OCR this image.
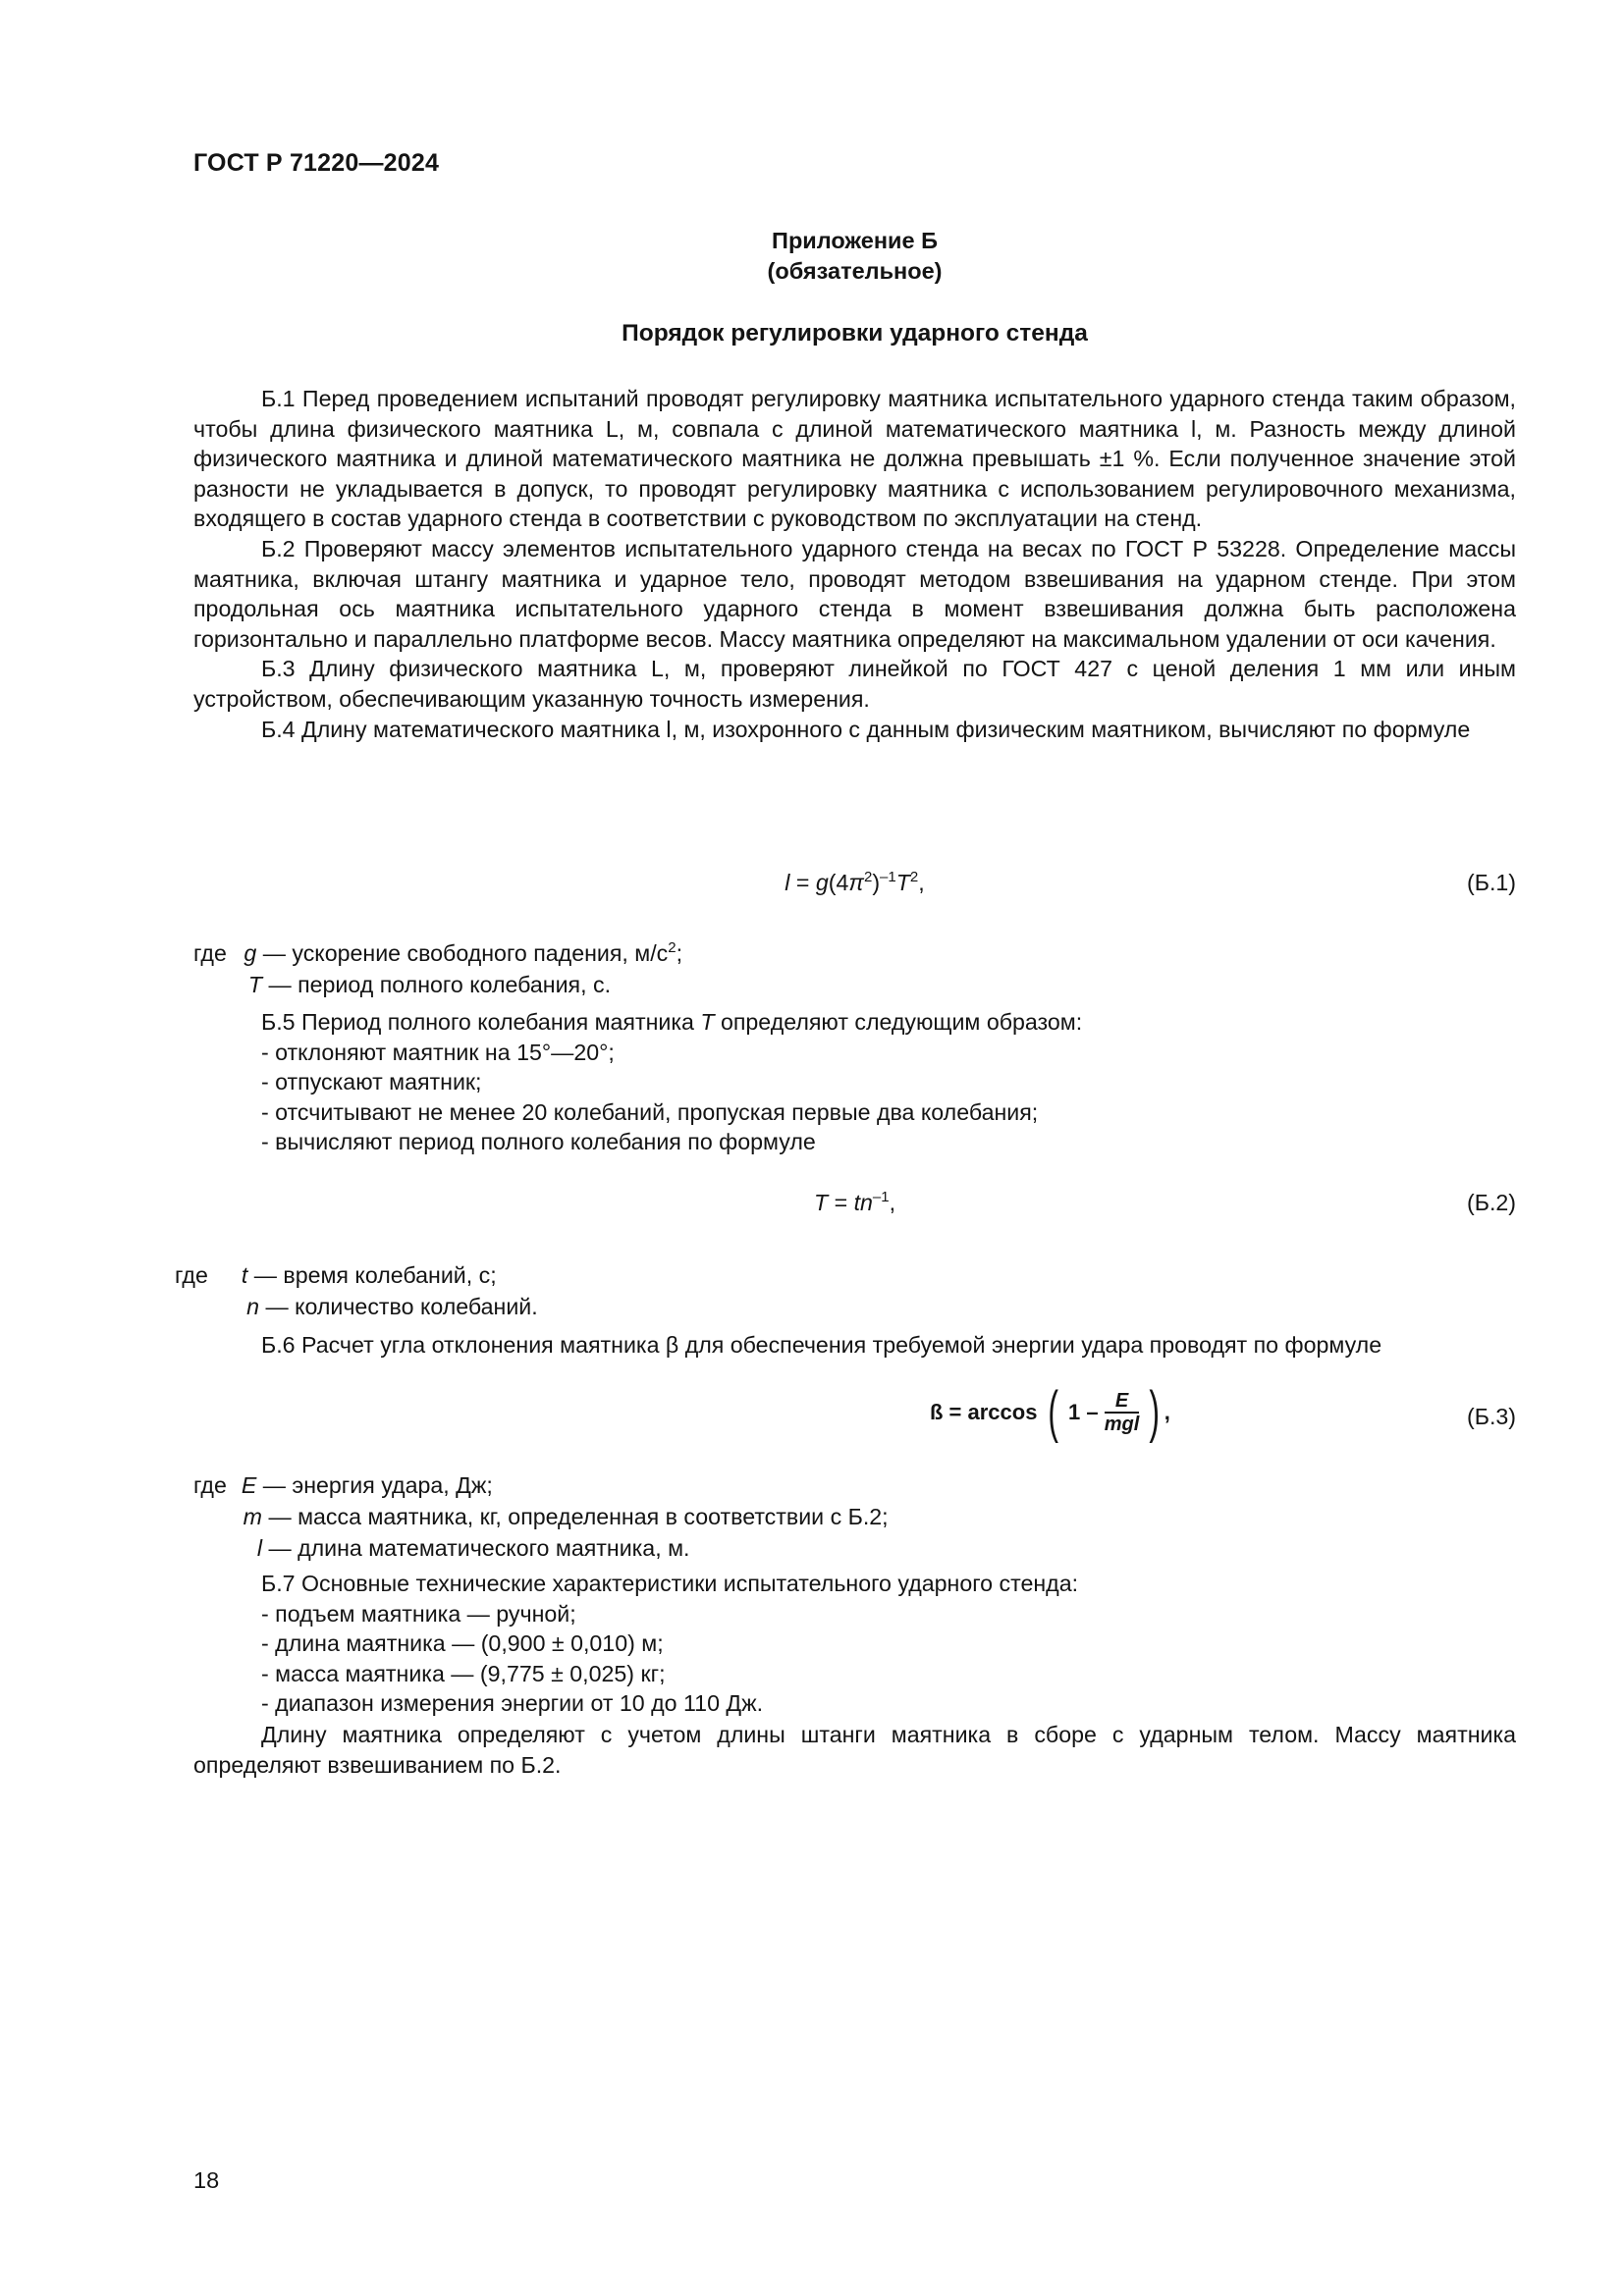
ГОСТ Р 71220—2024
Приложение Б
(обязательное)
Порядок регулировки ударного стенда

Б.1 Перед проведением испытаний проводят регулировку маятника испытательного ударного стенда таким образом, чтобы длина физического маятника L, м, совпала с длиной математического маятника l, м. Разность между длиной физического маятника и длиной математического маятника не должна превышать ±1 %. Если полученное значение этой разности не укладывается в допуск, то проводят регулировку маятника с использованием регулировочного механизма, входящего в состав ударного стенда в соответствии с руководством по эксплуатации на стенд.

Б.2 Проверяют массу элементов испытательного ударного стенда на весах по ГОСТ Р 53228. Определение массы маятника, включая штангу маятника и ударное тело, проводят методом взвешивания на ударном стенде. При этом продольная ось маятника испытательного ударного стенда в момент взвешивания должна быть расположена горизонтально и параллельно платформе весов. Массу маятника определяют на максимальном удалении от оси качения.

Б.3 Длину физического маятника L, м, проверяют линейкой по ГОСТ 427 с ценой деления 1 мм или иным устройством, обеспечивающим указанную точность измерения.

Б.4 Длину математического маятника l, м, изохронного с данным физическим маятником, вычисляют по формуле

$l = g(4\pi^2)^{-1}T^2$,	(Б.1)
где g — ускорение свободного падения, $м/с^2$;
T — период полного колебания, с.
Б.5 Период полного колебания маятника T определяют следующим образом:
- отклоняют маятник на 15°—20°;
- отпускают маятник;
- отсчитывают не менее 20 колебаний, пропуская первые два колебания;
- вычисляют период полного колебания по формуле
$T = tn^{-1}$,	(Б.2)
где t — время колебаний, с;
n — количество колебаний.
Б.6 Расчет угла отклонения маятника β для обеспечения требуемой энергии удара проводят по формуле
ß = arccos ( $1 - \frac{E}{\text{mgl}}$ ) ,	(Б.3)
где E — энергия удара, Дж;
m — масса маятника, кг, определенная в соответствии с Б.2;
l — длина математического маятника, м.
Б.7 Основные технические характеристики испытательного ударного стенда:
- подъем маятника — ручной;
- длина маятника — (0,900 ± 0,010) м;
- масса маятника — (9,775 ± 0,025) кг;
- диапазон измерения энергии от 10 до 110 Дж.

Длину маятника определяют с учетом длины штанги маятника в сборе с ударным телом. Массу маятника определяют взвешиванием по Б.2.

18
